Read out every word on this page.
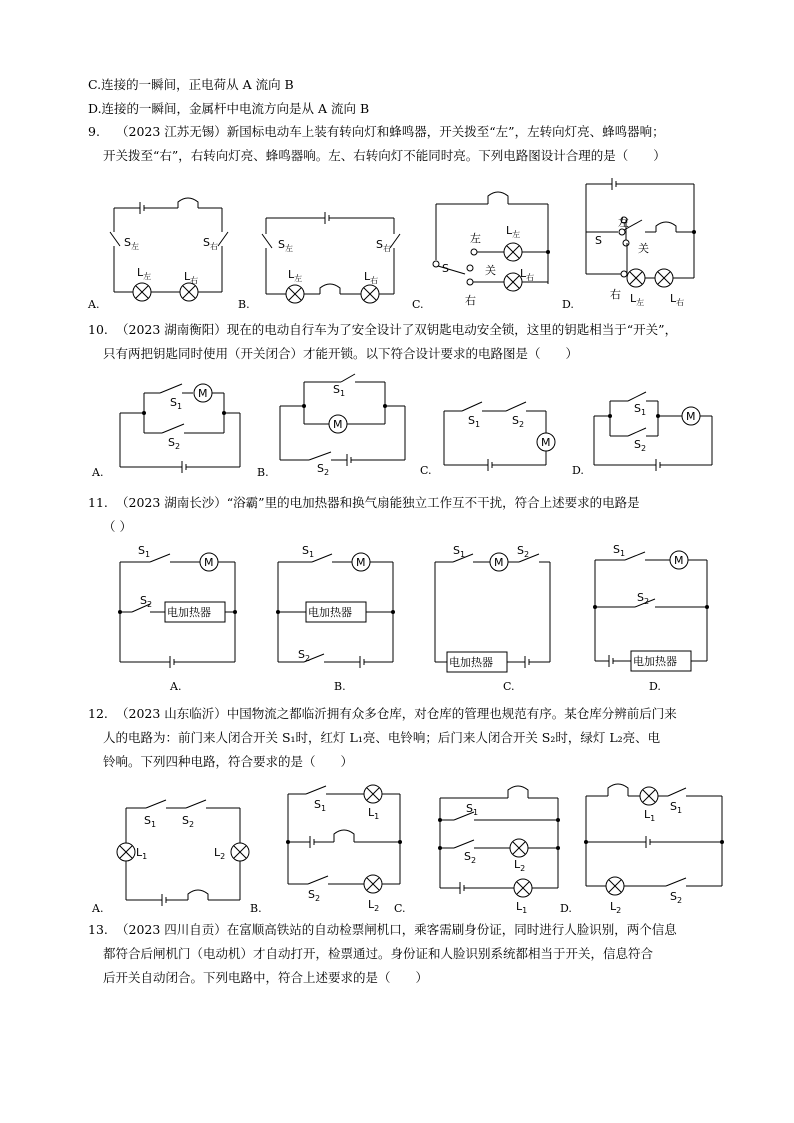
C.连接的一瞬间，正电荷从 A 流向 B
D.连接的一瞬间，金属杆中电流方向是从 A 流向 B
9. （2023 江苏无锡）新国标电动车上装有转向灯和蜂鸣器，开关拨至“左”，左转向灯亮、蜂鸣器响；
开关拨至“右”，右转向灯亮、蜂鸣器响。左、右转向灯不能同时亮。下列电路图设计合理的是（　　）
$S_左$	$S_右$
$L_左$	$L_右$
A.
$S_左$	$S_右$
$L_左$	$L_右$
B.
S
左
关
右
$L_左$
$L_右$
C.
S
左
关
右 $L_左$ $L_右$
D.
10. （2023 湖南衡阳）现在的电动自行车为了安全设计了双钥匙电动安全锁，这里的钥匙相当于“开关”，
只有两把钥匙同时使用（开关闭合）才能开锁。以下符合设计要求的电路图是（　　）
M
$S_1$
$S_2$
A.
M
$S_1$
$S_2$
B.
M
$S_1$	$S_2$
C.
M
$S_1$
$S_2$
D.
11. （2023 湖南长沙）“浴霸”里的电加热器和换气扇能独立工作互不干扰，符合上述要求的电路是
（ ）
M
电加热器
$S_1$
$S_2$
A.
M
电加热器
$S_1$
$S_2$
B.
M
电加热器
$S_1$	$S_2$
C.
M
电加热器
$S_1$
$S_2$
D.
12. （2023 山东临沂）中国物流之都临沂拥有众多仓库，对仓库的管理也规范有序。某仓库分辨前后门来
人的电路为：前门来人闭合开关 S₁时，红灯 L₁亮、电铃响；后门来人闭合开关 S₂时，绿灯 L₂亮、电
铃响。下列四种电路，符合要求的是（　　）
$S_1$ $S_2$
$L_1$	$L_2$
A.
$S_1$	$L_1$
$S_2$	$L_2$
B.
$S_1$
$S_2$	$L_2$
$L_1$
C.
$S_1$
$L_1$
$L_2$
$S_2$
D.
13. （2023 四川自贡）在富顺高铁站的自动检票闸机口，乘客需刷身份证，同时进行人脸识别，两个信息
都符合后闸机门（电动机）才自动打开，检票通过。身份证和人脸识别系统都相当于开关，信息符合
后开关自动闭合。下列电路中，符合上述要求的是（　　）
